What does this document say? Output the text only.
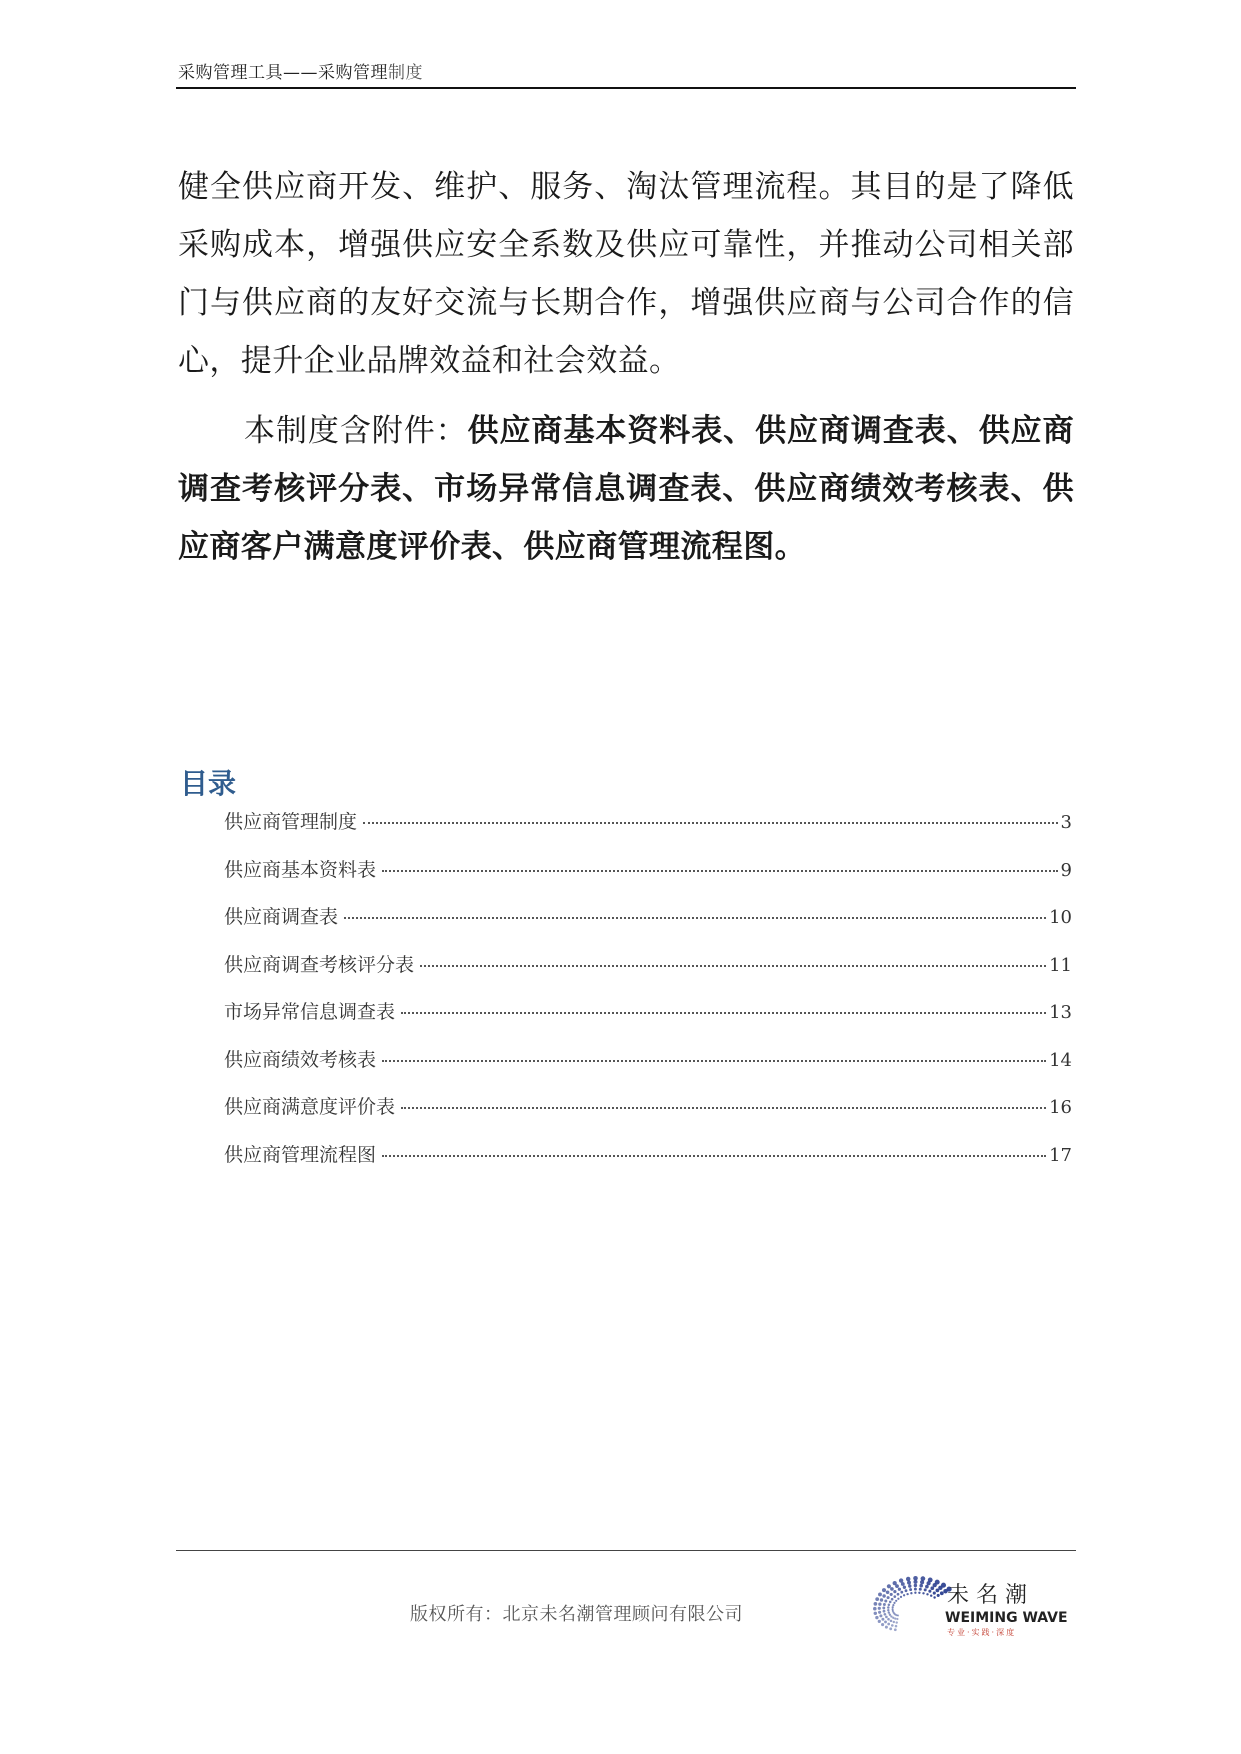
采购管理工具——采购管理制度

健全供应商开发、维护、服务、淘汰管理流程。其目的是了降低采购成本，增强供应安全系数及供应可靠性，并推动公司相关部门与供应商的友好交流与长期合作，增强供应商与公司合作的信心，提升企业品牌效益和社会效益。

本制度含附件：供应商基本资料表、供应商调查表、供应商调查考核评分表、市场异常信息调查表、供应商绩效考核表、供应商客户满意度评价表、供应商管理流程图。

目录
供应商管理制度	3
供应商基本资料表	9
供应商调查表	10
供应商调查考核评分表	11
市场异常信息调查表	13
供应商绩效考核表	14
供应商满意度评价表	16
供应商管理流程图	17
版权所有：北京未名潮管理顾问有限公司
未 名 潮
WEIMING WAVE
专业·实践·深度
